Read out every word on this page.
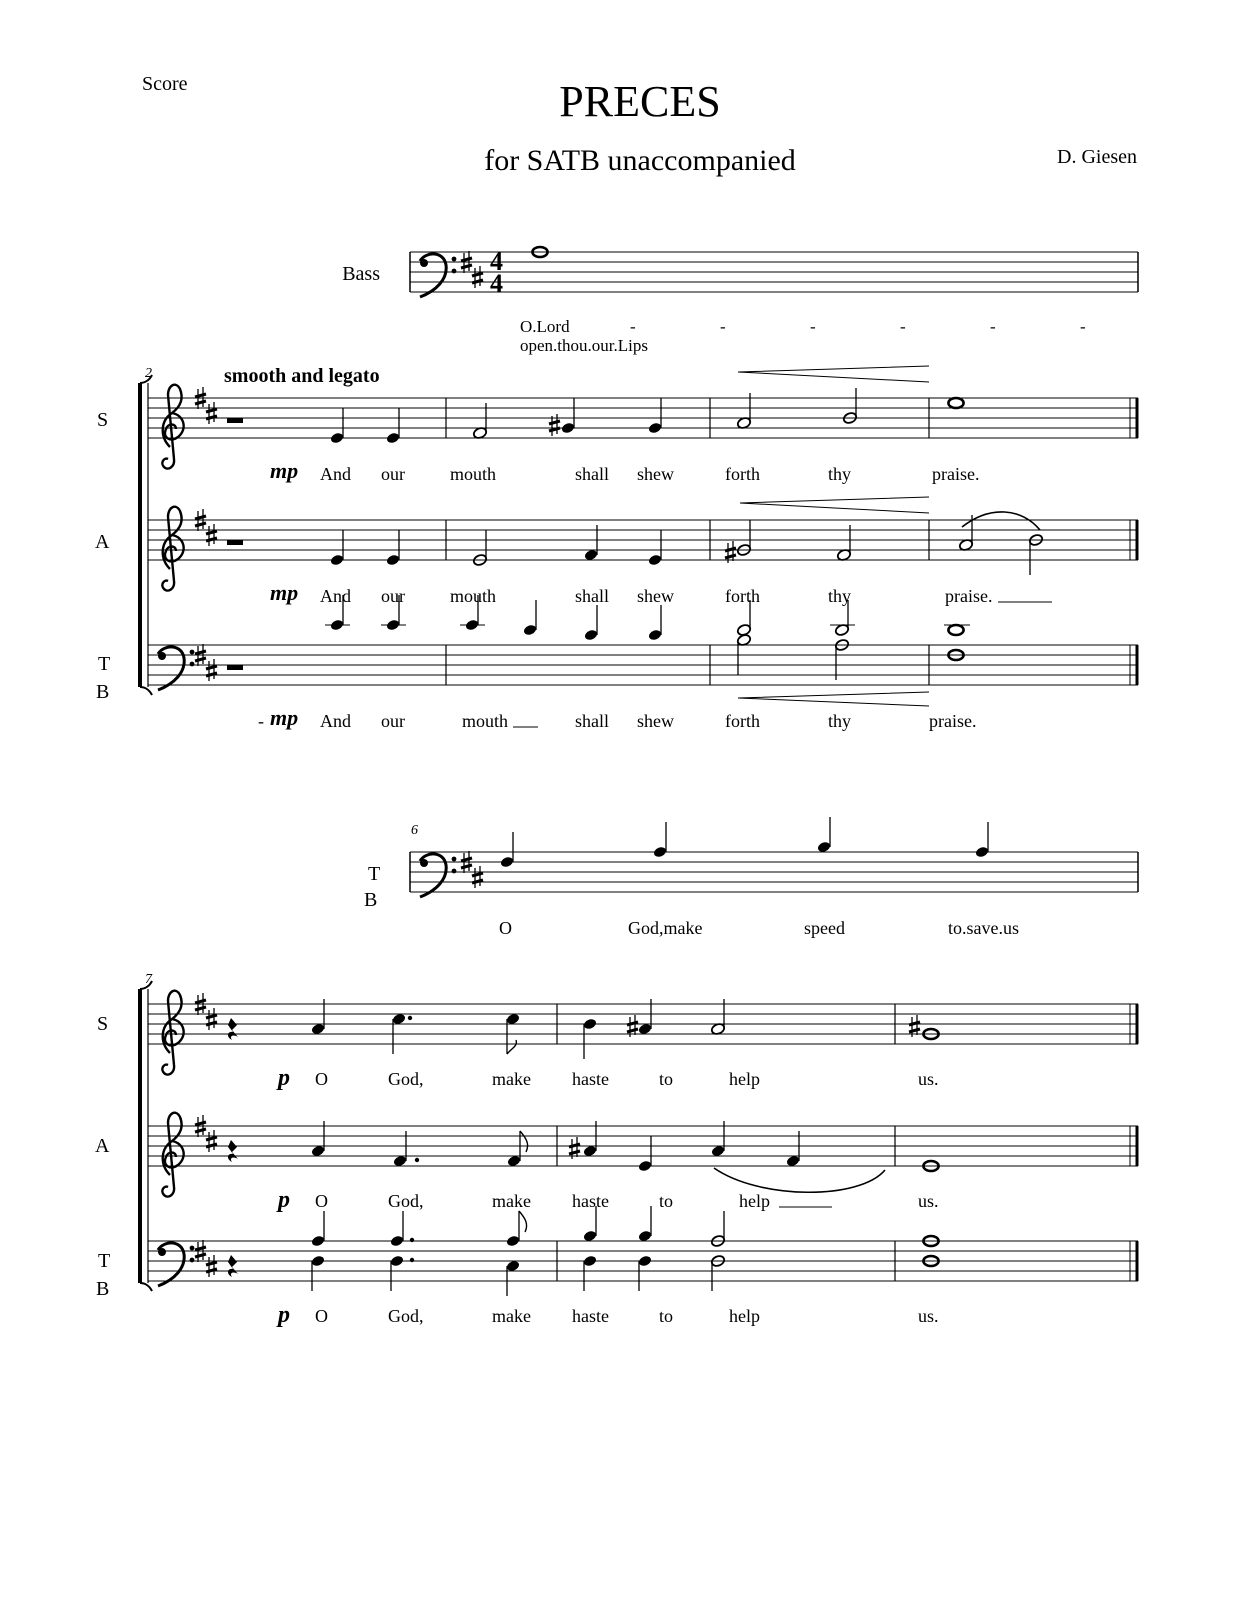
Score	PRECES
for SATB unaccompanied	D. Giesen
Bass	4
4
O.Lord
open.thou.our.Lips
-	-	-	-	-	-
2	smooth and legato
S
A
T
B
mp And our	mouth	shall shew	forth	thy	praise.
mp And our	mouth	shall shew	forth	thy	praise.
- mp And our	mouth	shall shew	forth	thy	praise.
6
T
B
O	God,make	speed	to.save.us
7
S
A
T
B
p O	God,	make haste	to	help	us.
p O	God,	make haste	to	help	us.
p O	God,	make haste	to	help	us.
